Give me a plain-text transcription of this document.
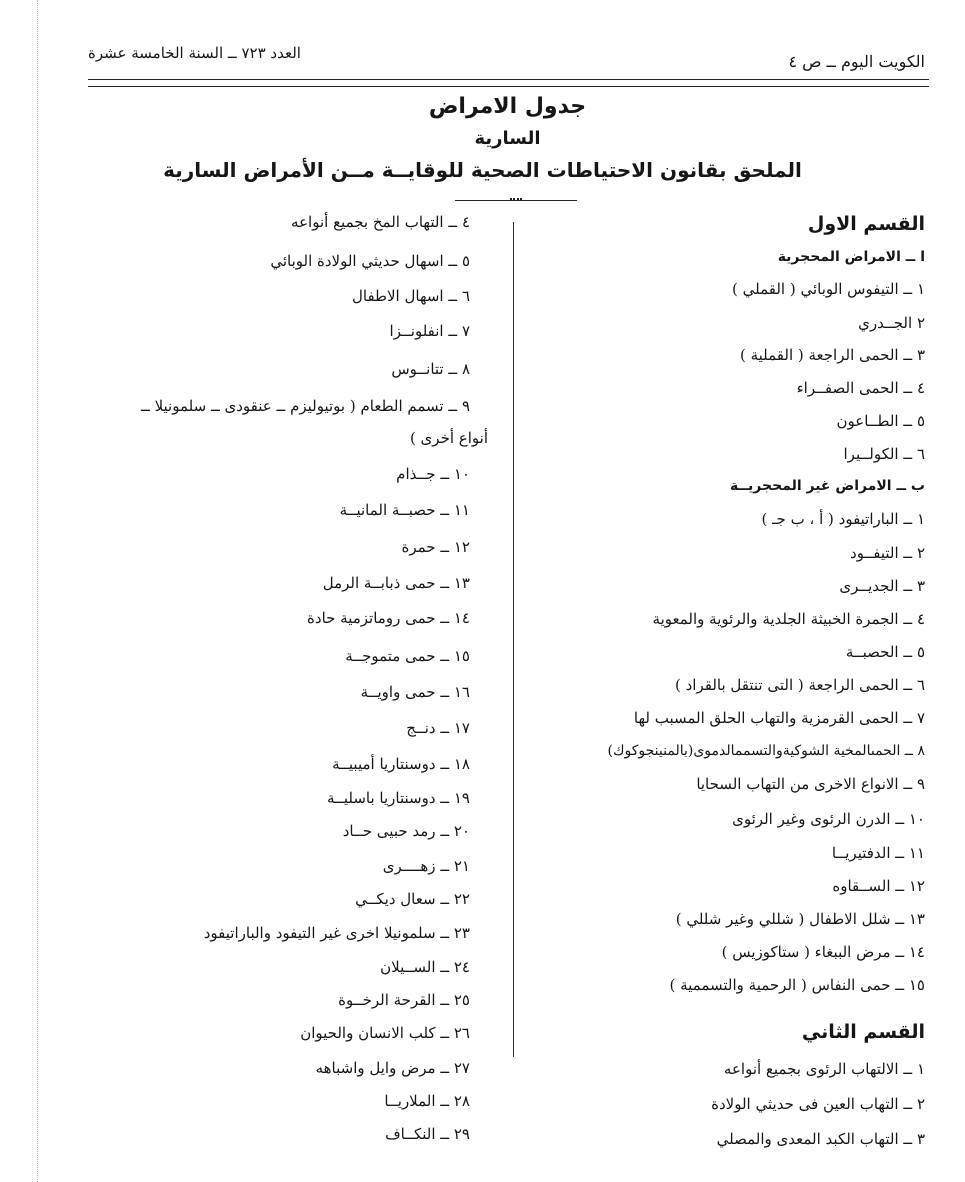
العدد ٧٢٣ ــ السنة الخامسة عشرة	الكويت اليوم ــ ص ٤
جدول الامراض
السارية
الملحق بقانون الاحتياطات الصحية للوقايــة مــن الأمراض السارية
القسم الاول
ا ــ الامراض المحجرية
١ ــ التيفوس الوبائي ( القملي )
٢ الجــدري
٣ ــ الحمى الراجعة ( القملية )
٤ ــ الحمى الصفــراء
٥ ــ الطــاعون
٦ ــ الكولــيرا
ب ــ الامراض غير المحجريــة
١ ــ الباراتيفود ( أ ، ب جـ )
٢ ــ التيفــود
٣ ــ الجديــرى
٤ ــ الجمرة الخبيثة الجلدية والرئوية والمعوية
٥ ــ الحصبــة
٦ ــ الحمى الراجعة ( التى تنتقل بالقراد )
٧ ــ الحمى القرمزية والتهاب الحلق المسبب لها
٨ ــ الحمىالمخية الشوكيةوالتسممالدموى(بالمنينجوكوك)
٩ ــ الانواع الاخرى من التهاب السحايا
١٠ ــ الدرن الرئوى وغير الرئوى
١١ ــ الدفتيريــا
١٢ ــ الســقاوه
١٣ ــ شلل الاطفال ( شللي وغير شللي )
١٤ ــ مرض الببغاء ( ستاكوزيس )
١٥ ــ حمى النفاس ( الرحمية والتسممية )
القسم الثاني
١ ــ الالتهاب الرئوى بجميع أنواعه
٢ ــ التهاب العين فى حديثي الولادة
٣ ــ التهاب الكبد المعدى والمصلي
٤ ــ التهاب المخ بجميع أنواعه
٥ ــ اسهال حديثي الولادة الوبائي
٦ ــ اسهال الاطفال
٧ ــ انفلونــزا
٨ ــ تتانــوس
٩ ــ تسمم الطعام ( بوتيوليزم ــ عنقودى ــ سلمونيلا ــ
أنواع أخرى )
١٠ ــ جــذام
١١ ــ حصبــة المانيــة
١٢ ــ حمرة
١٣ ــ حمى ذبابــة الرمل
١٤ ــ حمى روماتزمية حادة
١٥ ــ حمى متموجــة
١٦ ــ حمى واويــة
١٧ ــ دنــج
١٨ ــ دوسنتاريا أميبيــة
١٩ ــ دوسنتاريا باسليــة
٢٠ ــ رمد حبيى حــاد
٢١ ــ زهــــرى
٢٢ ــ سعال ديكــي
٢٣ ــ سلمونيلا اخرى غير التيفود والباراتيفود
٢٤ ــ الســيلان
٢٥ ــ القرحة الرخــوة
٢٦ ــ كلب الانسان والحيوان
٢٧ ــ مرض وايل واشباهه
٢٨ ــ الملاريــا
٢٩ ــ النكــاف
